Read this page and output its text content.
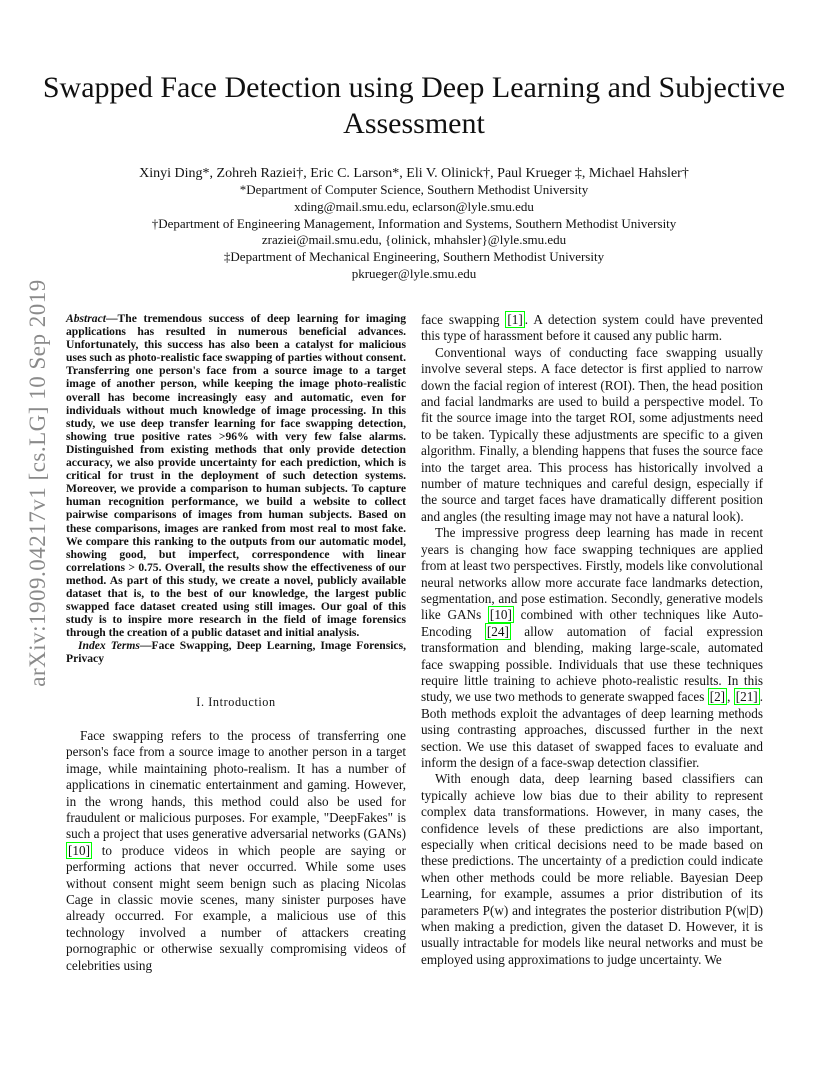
arXiv:1909.04217v1 [cs.LG] 10 Sep 2019
Swapped Face Detection using Deep Learning and Subjective Assessment
Xinyi Ding*, Zohreh Raziei†, Eric C. Larson*, Eli V. Olinick†, Paul Krueger ‡, Michael Hahsler†
*Department of Computer Science, Southern Methodist University
xding@mail.smu.edu, eclarson@lyle.smu.edu
†Department of Engineering Management, Information and Systems, Southern Methodist University
zraziei@mail.smu.edu, {olinick, mhahsler}@lyle.smu.edu
‡Department of Mechanical Engineering, Southern Methodist University
pkrueger@lyle.smu.edu
Abstract—The tremendous success of deep learning for imaging applications has resulted in numerous beneficial advances. Unfortunately, this success has also been a catalyst for malicious uses such as photo-realistic face swapping of parties without consent. Transferring one person's face from a source image to a target image of another person, while keeping the image photo-realistic overall has become increasingly easy and automatic, even for individuals without much knowledge of image processing. In this study, we use deep transfer learning for face swapping detection, showing true positive rates >96% with very few false alarms. Distinguished from existing methods that only provide detection accuracy, we also provide uncertainty for each prediction, which is critical for trust in the deployment of such detection systems. Moreover, we provide a comparison to human subjects. To capture human recognition performance, we build a website to collect pairwise comparisons of images from human subjects. Based on these comparisons, images are ranked from most real to most fake. We compare this ranking to the outputs from our automatic model, showing good, but imperfect, correspondence with linear correlations > 0.75. Overall, the results show the effectiveness of our method. As part of this study, we create a novel, publicly available dataset that is, to the best of our knowledge, the largest public swapped face dataset created using still images. Our goal of this study is to inspire more research in the field of image forensics through the creation of a public dataset and initial analysis.
Index Terms—Face Swapping, Deep Learning, Image Forensics, Privacy
I. Introduction

Face swapping refers to the process of transferring one person's face from a source image to another person in a target image, while maintaining photo-realism. It has a number of applications in cinematic entertainment and gaming. However, in the wrong hands, this method could also be used for fraudulent or malicious purposes. For example, "DeepFakes" is such a project that uses generative adversarial networks (GANs) [10] to produce videos in which people are saying or performing actions that never occurred. While some uses without consent might seem benign such as placing Nicolas Cage in classic movie scenes, many sinister purposes have already occurred. For example, a malicious use of this technology involved a number of attackers creating pornographic or otherwise sexually compromising videos of celebrities using

face swapping [1] . A detection system could have prevented this type of harassment before it caused any public harm.

Conventional ways of conducting face swapping usually involve several steps. A face detector is first applied to narrow down the facial region of interest (ROI). Then, the head position and facial landmarks are used to build a perspective model. To fit the source image into the target ROI, some adjustments need to be taken. Typically these adjustments are specific to a given algorithm. Finally, a blending happens that fuses the source face into the target area. This process has historically involved a number of mature techniques and careful design, especially if the source and target faces have dramatically different position and angles (the resulting image may not have a natural look).

The impressive progress deep learning has made in recent years is changing how face swapping techniques are applied from at least two perspectives. Firstly, models like convolutional neural networks allow more accurate face landmarks detection, segmentation, and pose estimation. Secondly, generative models like GANs [10] combined with other techniques like Auto-Encoding [24] allow automation of facial expression transformation and blending, making large-scale, automated face swapping possible. Individuals that use these techniques require little training to achieve photo-realistic results. In this study, we use two methods to generate swapped faces [2] , [21] . Both methods exploit the advantages of deep learning methods using contrasting approaches, discussed further in the next section. We use this dataset of swapped faces to evaluate and inform the design of a face-swap detection classifier.

With enough data, deep learning based classifiers can typically achieve low bias due to their ability to represent complex data transformations. However, in many cases, the confidence levels of these predictions are also important, especially when critical decisions need to be made based on these predictions. The uncertainty of a prediction could indicate when other methods could be more reliable. Bayesian Deep Learning, for example, assumes a prior distribution of its parameters P(w) and integrates the posterior distribution P(w|D) when making a prediction, given the dataset D. However, it is usually intractable for models like neural networks and must be employed using approximations to judge uncertainty. We
